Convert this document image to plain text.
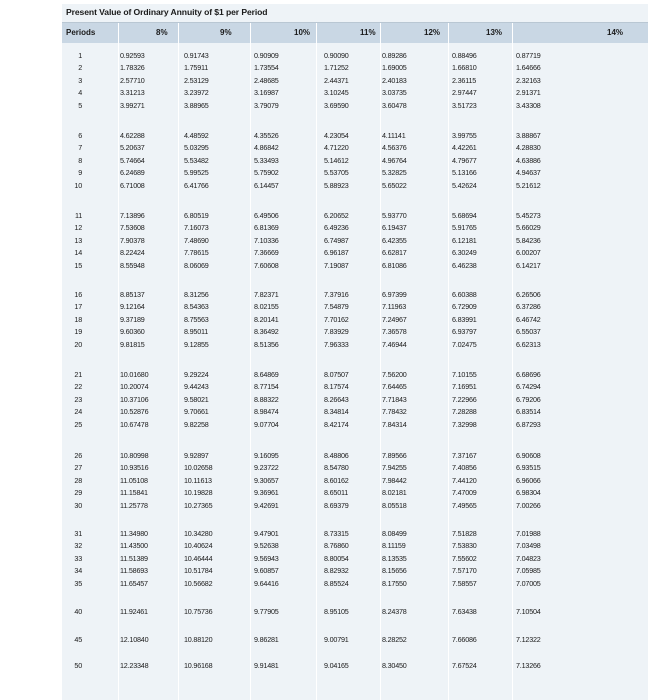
Present Value of Ordinary Annuity of $1 per Period
Periods	8%	9%	10%	11%	12%	13%	14%
1	0.92593	0.91743	0.90909	0.90090	0.89286	0.88496	0.87719
2	1.78326	1.75911	1.73554	1.71252	1.69005	1.66810	1.64666
3	2.57710	2.53129	2.48685	2.44371	2.40183	2.36115	2.32163
4	3.31213	3.23972	3.16987	3.10245	3.03735	2.97447	2.91371
5	3.99271	3.88965	3.79079	3.69590	3.60478	3.51723	3.43308
6	4.62288	4.48592	4.35526	4.23054	4.11141	3.99755	3.88867
7	5.20637	5.03295	4.86842	4.71220	4.56376	4.42261	4.28830
8	5.74664	5.53482	5.33493	5.14612	4.96764	4.79677	4.63886
9	6.24689	5.99525	5.75902	5.53705	5.32825	5.13166	4.94637
10	6.71008	6.41766	6.14457	5.88923	5.65022	5.42624	5.21612
11	7.13896	6.80519	6.49506	6.20652	5.93770	5.68694	5.45273
12	7.53608	7.16073	6.81369	6.49236	6.19437	5.91765	5.66029
13	7.90378	7.48690	7.10336	6.74987	6.42355	6.12181	5.84236
14	8.22424	7.78615	7.36669	6.96187	6.62817	6.30249	6.00207
15	8.55948	8.06069	7.60608	7.19087	6.81086	6.46238	6.14217
16	8.85137	8.31256	7.82371	7.37916	6.97399	6.60388	6.26506
17	9.12164	8.54363	8.02155	7.54879	7.11963	6.72909	6.37286
18	9.37189	8.75563	8.20141	7.70162	7.24967	6.83991	6.46742
19	9.60360	8.95011	8.36492	7.83929	7.36578	6.93797	6.55037
20	9.81815	9.12855	8.51356	7.96333	7.46944	7.02475	6.62313
21	10.01680	9.29224	8.64869	8.07507	7.56200	7.10155	6.68696
22	10.20074	9.44243	8.77154	8.17574	7.64465	7.16951	6.74294
23	10.37106	9.58021	8.88322	8.26643	7.71843	7.22966	6.79206
24	10.52876	9.70661	8.98474	8.34814	7.78432	7.28288	6.83514
25	10.67478	9.82258	9.07704	8.42174	7.84314	7.32998	6.87293
26	10.80998	9.92897	9.16095	8.48806	7.89566	7.37167	6.90608
27	10.93516	10.02658	9.23722	8.54780	7.94255	7.40856	6.93515
28	11.05108	10.11613	9.30657	8.60162	7.98442	7.44120	6.96066
29	11.15841	10.19828	9.36961	8.65011	8.02181	7.47009	6.98304
30	11.25778	10.27365	9.42691	8.69379	8.05518	7.49565	7.00266
31	11.34980	10.34280	9.47901	8.73315	8.08499	7.51828	7.01988
32	11.43500	10.40624	9.52638	8.76860	8.11159	7.53830	7.03498
33	11.51389	10.46444	9.56943	8.80054	8.13535	7.55602	7.04823
34	11.58693	10.51784	9.60857	8.82932	8.15656	7.57170	7.05985
35	11.65457	10.56682	9.64416	8.85524	8.17550	7.58557	7.07005
40	11.92461	10.75736	9.77905	8.95105	8.24378	7.63438	7.10504
45	12.10840	10.88120	9.86281	9.00791	8.28252	7.66086	7.12322
50	12.23348	10.96168	9.91481	9.04165	8.30450	7.67524	7.13266
